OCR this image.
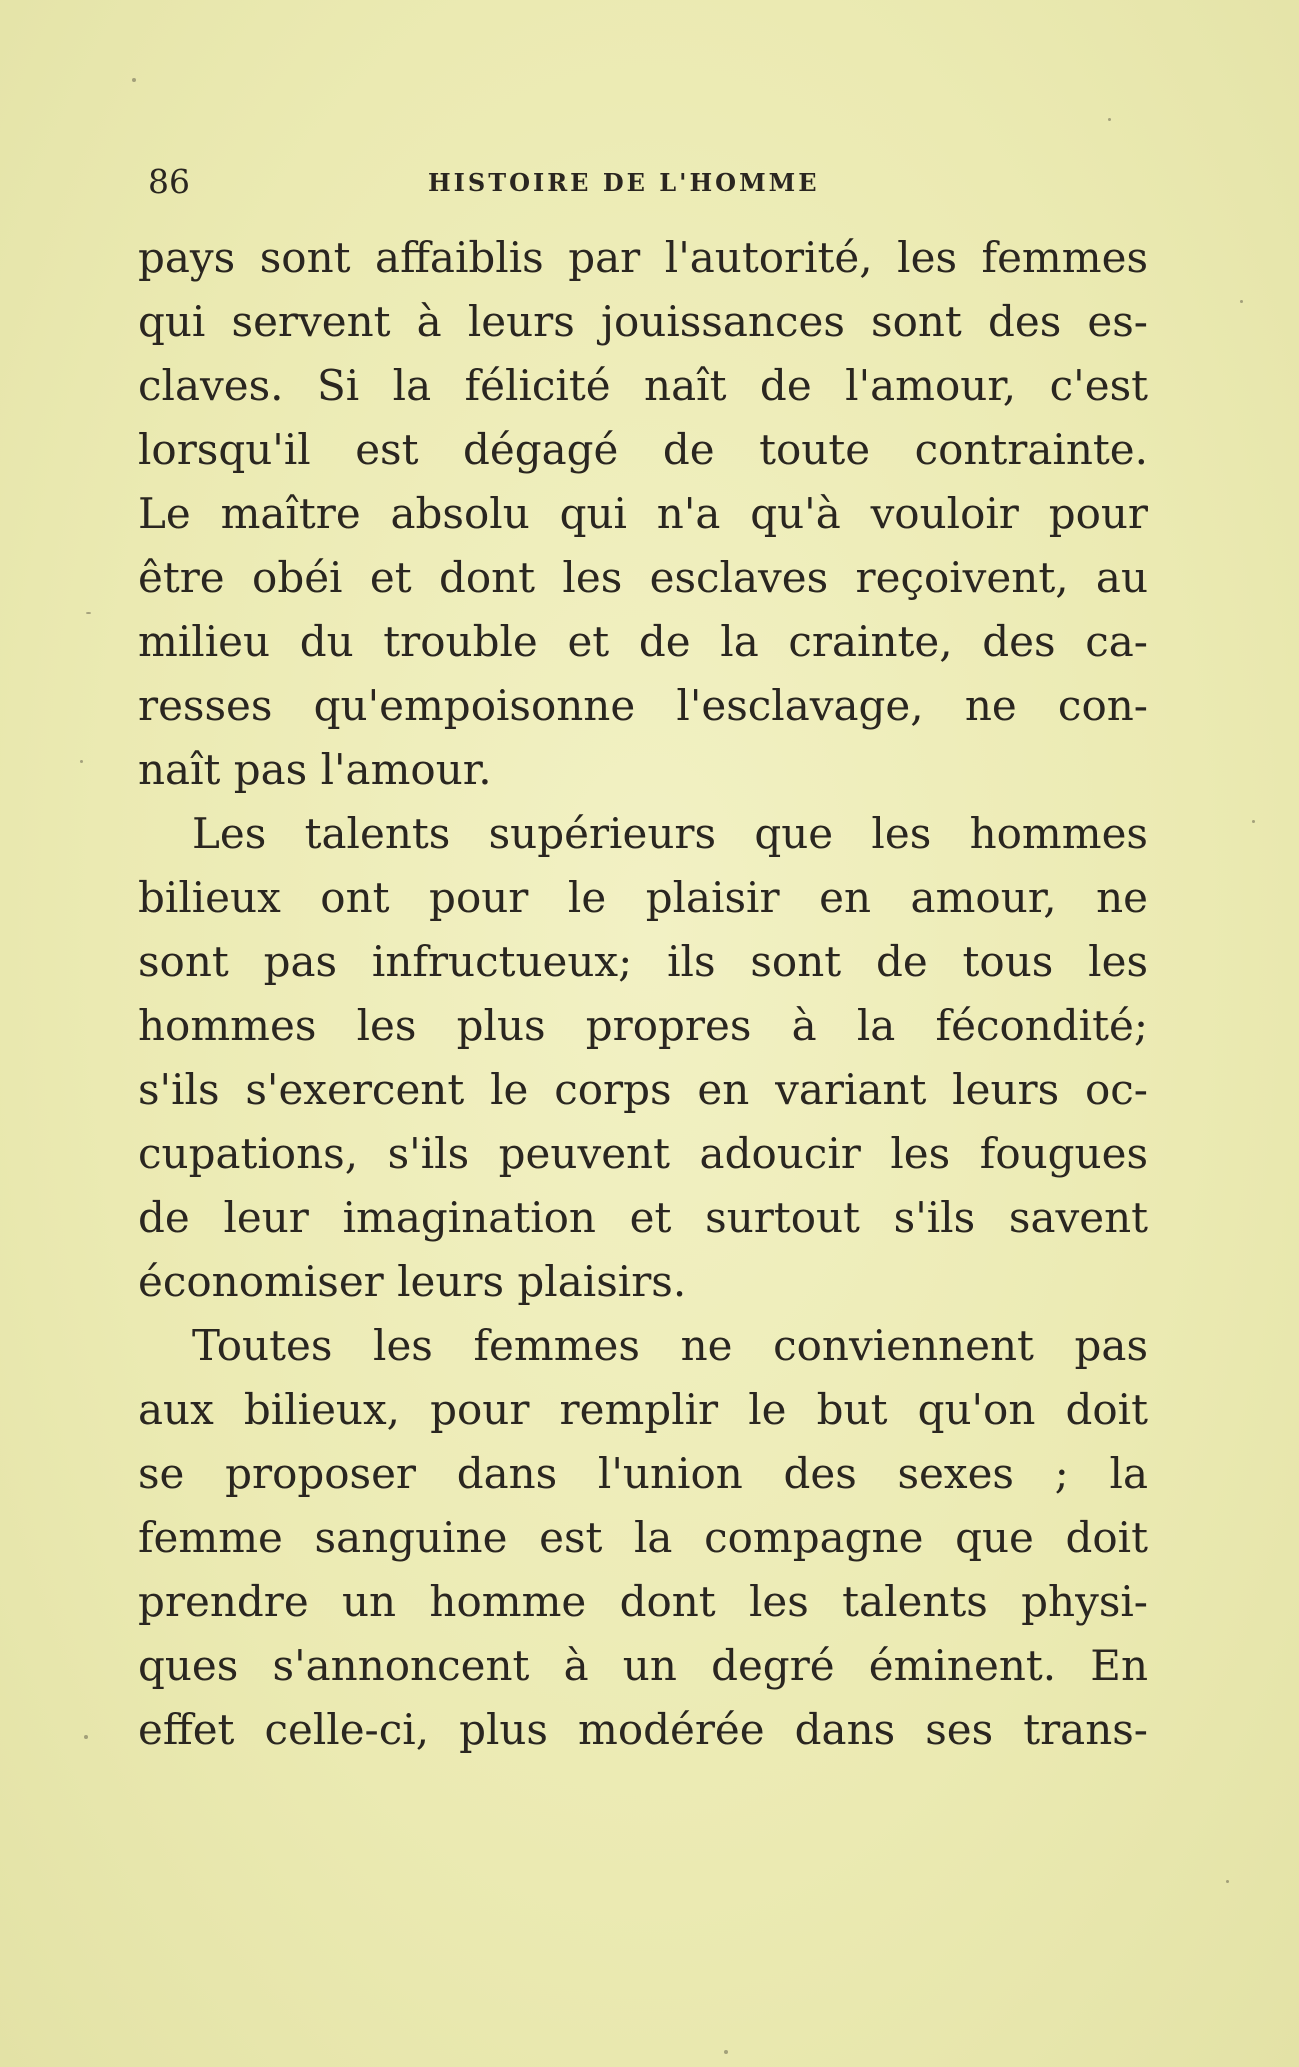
86	HISTOIRE DE L'HOMME
pays sont affaiblis par l'autorité, les femmes
qui servent à leurs jouissances sont des es-
claves. Si la félicité naît de l'amour, c'est
lorsqu'il est dégagé de toute contrainte.
Le maître absolu qui n'a qu'à vouloir pour
être obéi et dont les esclaves reçoivent, au
milieu du trouble et de la crainte, des ca-
resses qu'empoisonne l'esclavage, ne con-
naît pas l'amour.
Les talents supérieurs que les hommes
bilieux ont pour le plaisir en amour, ne
sont pas infructueux; ils sont de tous les
hommes les plus propres à la fécondité;
s'ils s'exercent le corps en variant leurs oc-
cupations, s'ils peuvent adoucir les fougues
de leur imagination et surtout s'ils savent
économiser leurs plaisirs.
Toutes les femmes ne conviennent pas
aux bilieux, pour remplir le but qu'on doit
se proposer dans l'union des sexes ; la
femme sanguine est la compagne que doit
prendre un homme dont les talents physi-
ques s'annoncent à un degré éminent. En
effet celle-ci, plus modérée dans ses trans-
